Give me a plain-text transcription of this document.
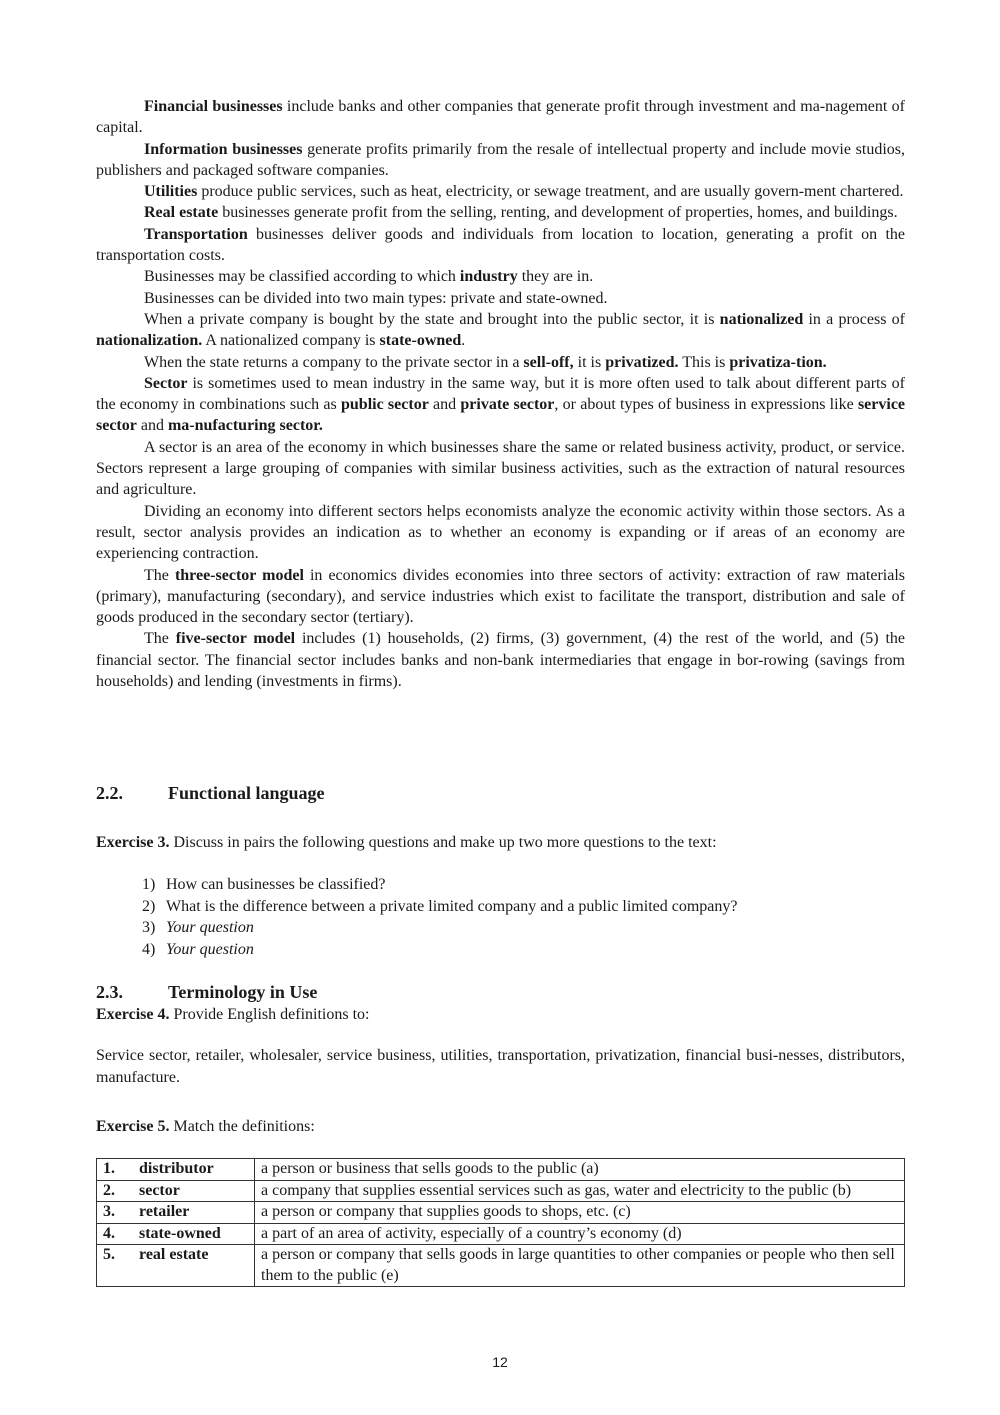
Financial businesses include banks and other companies that generate profit through investment and ma-nagement of capital.

Information businesses generate profits primarily from the resale of intellectual property and include movie studios, publishers and packaged software companies.

Utilities produce public services, such as heat, electricity, or sewage treatment, and are usually govern-ment chartered.

Real estate businesses generate profit from the selling, renting, and development of properties, homes, and buildings.

Transportation businesses deliver goods and individuals from location to location, generating a profit on the transportation costs.

Businesses may be classified according to which industry they are in.

Businesses can be divided into two main types: private and state-owned.

When a private company is bought by the state and brought into the public sector, it is nationalized in a process of nationalization. A nationalized company is state-owned.

When the state returns a company to the private sector in a sell-off, it is privatized. This is privatiza-tion.

Sector is sometimes used to mean industry in the same way, but it is more often used to talk about different parts of the economy in combinations such as public sector and private sector, or about types of business in expressions like service sector and ma-nufacturing sector.

A sector is an area of the economy in which businesses share the same or related business activity, product, or service. Sectors represent a large grouping of companies with similar business activities, such as the extraction of natural resources and agriculture.

Dividing an economy into different sectors helps economists analyze the economic activity within those sectors. As a result, sector analysis provides an indication as to whether an economy is expanding or if areas of an economy are experiencing contraction.

The three-sector model in economics divides economies into three sectors of activity: extraction of raw materials (primary), manufacturing (secondary), and service industries which exist to facilitate the transport, distribution and sale of goods produced in the secondary sector (tertiary).

The five-sector model includes (1) households, (2) firms, (3) government, (4) the rest of the world, and (5) the financial sector. The financial sector includes banks and non-bank intermediaries that engage in bor-rowing (savings from households) and lending (investments in firms).

2.2.	Functional language
Exercise 3. Discuss in pairs the following questions and make up two more questions to the text:
1) How can businesses be classified?
2) What is the difference between a private limited company and a public limited company?
3) Your question
4) Your question
2.3.	Terminology in Use
Exercise 4. Provide English definitions to:
Service sector, retailer, wholesaler, service business, utilities, transportation, privatization, financial busi-nesses, distributors, manufacture.
Exercise 5. Match the definitions:
1. distributor	a person or business that sells goods to the public (a)
2. sector	a company that supplies essential services such as gas, water and electricity to the public (b)
3. retailer	a person or company that supplies goods to shops, etc. (c)
4. state-owned	a part of an area of activity, especially of a country’s economy (d)
5. real estate	a person or company that sells goods in large quantities to other companies or people who then sell them to the public (e)
12
